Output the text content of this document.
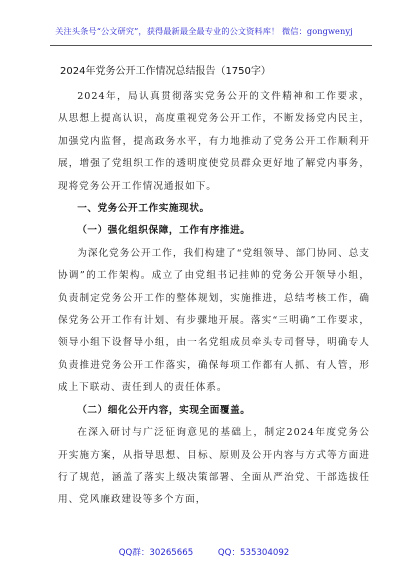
关注头条号“公文研究”，获得最新最全最专业的公文资料库！ 微信：gongwenyj
2024年党务公开工作情况总结报告（1750字）

2024年，局认真贯彻落实党务公开的文件精神和工作要求，从思想上提高认识，高度重视党务公开工作，不断发扬党内民主，加强党内监督，提高政务水平，有力地推动了党务公开工作顺利开展，增强了党组织工作的透明度使党员群众更好地了解党内事务，现将党务公开工作情况通报如下。

一、党务公开工作实施现状。

（一）强化组织保障，工作有序推进。

为深化党务公开工作，我们构建了“党组领导、部门协同、总支协调”的工作架构。成立了由党组书记挂帅的党务公开领导小组，负责制定党务公开工作的整体规划，实施推进，总结考核工作，确保党务公开工作有计划、有步骤地开展。落实“三明确”工作要求，领导小组下设督导小组，由一名党组成员牵头专司督导，明确专人负责推进党务公开工作落实，确保每项工作都有人抓、有人管，形成上下联动、责任到人的责任体系。

（二）细化公开内容，实现全面覆盖。

在深入研讨与广泛征询意见的基础上，制定2024年度党务公开实施方案，从指导思想、目标、原则及公开内容与方式等方面进行了规范，涵盖了落实上级决策部署、全面从严治党、干部选拔任用、党风廉政建设等多个方面，

QQ群：30265665	QQ：535304092
